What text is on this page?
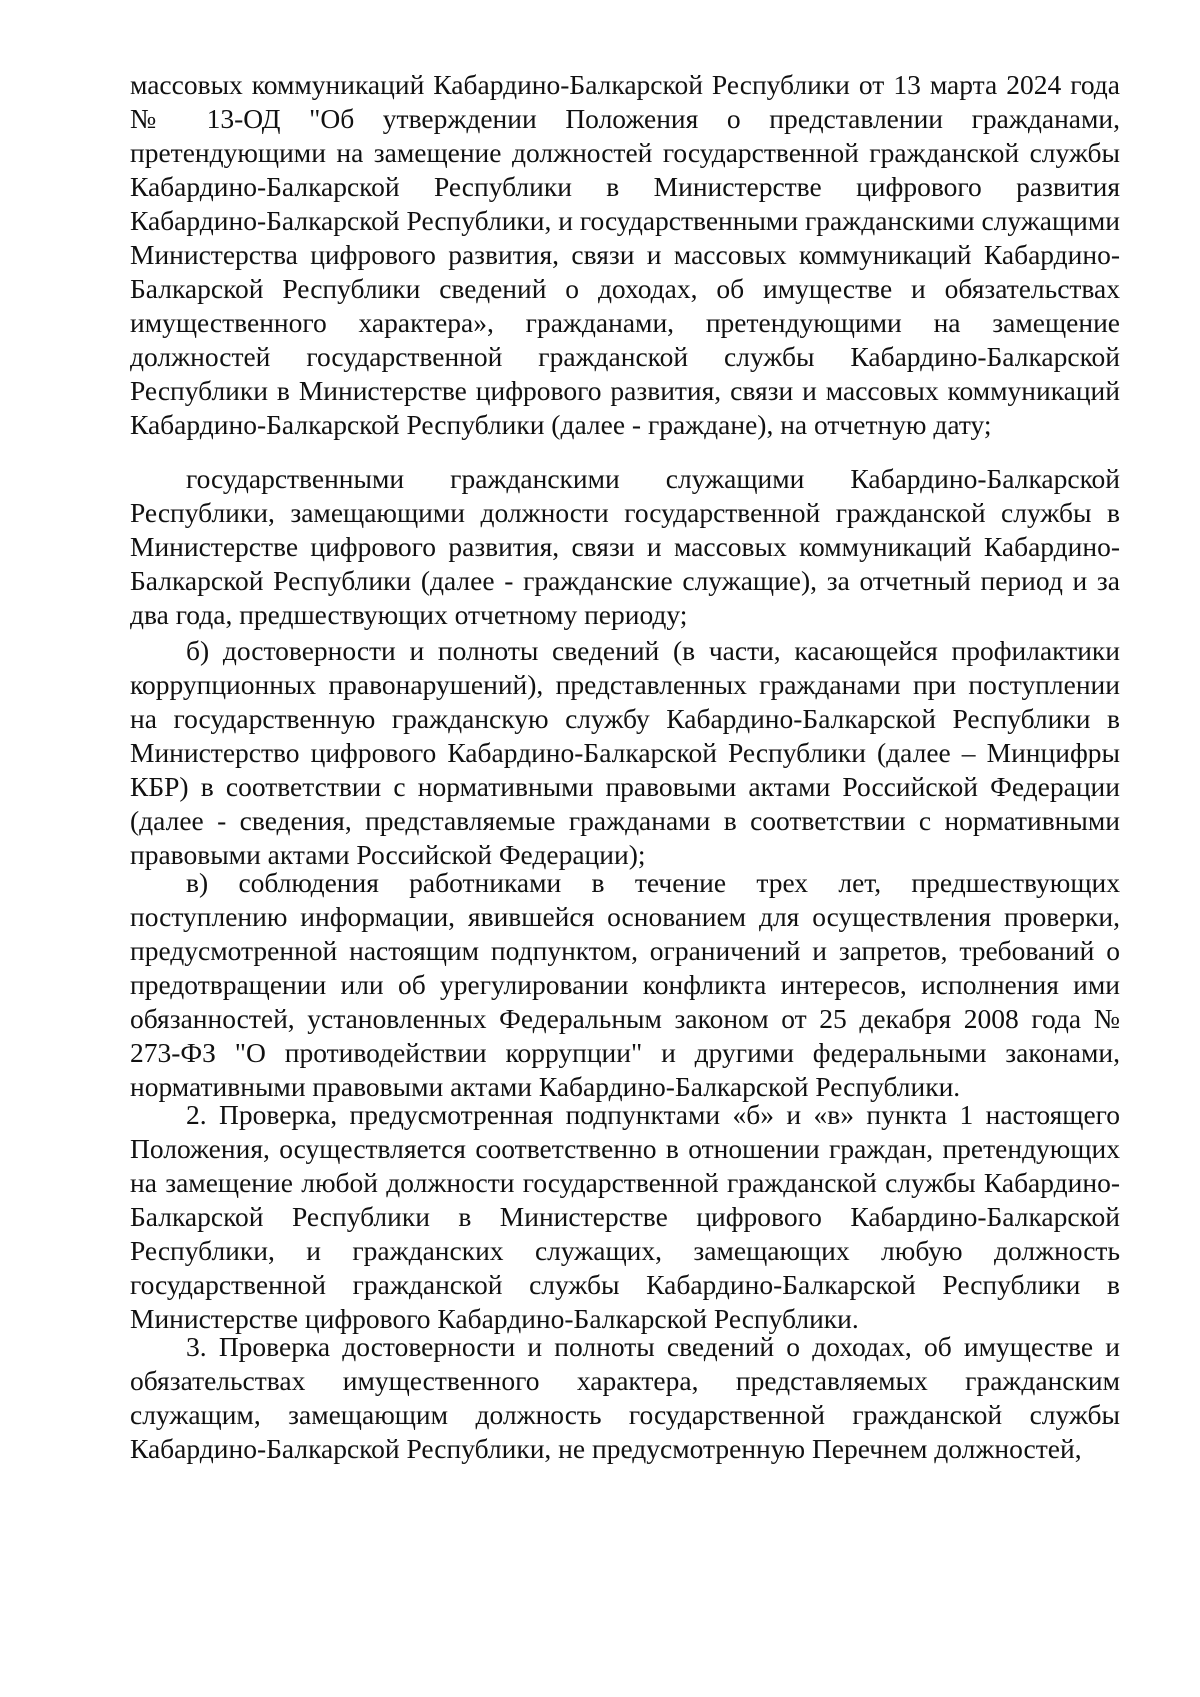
массовых коммуникаций Кабардино-Балкарской Республики от 13 марта 2024 года № 13-ОД "Об утверждении Положения о представлении гражданами, претендующими на замещение должностей государственной гражданской службы Кабардино-Балкарской Республики в Министерстве цифрового развития Кабардино-Балкарской Республики, и государственными гражданскими служащими Министерства цифрового развития, связи и массовых коммуникаций Кабардино-Балкарской Республики сведений о доходах, об имуществе и обязательствах имущественного характера», гражданами, претендующими на замещение должностей государственной гражданской службы Кабардино-Балкарской Республики в Министерстве цифрового развития, связи и массовых коммуникаций Кабардино-Балкарской Республики (далее - граждане), на отчетную дату;

государственными гражданскими служащими Кабардино-Балкарской Республики, замещающими должности государственной гражданской службы в Министерстве цифрового развития, связи и массовых коммуникаций Кабардино-Балкарской Республики (далее - гражданские служащие), за отчетный период и за два года, предшествующих отчетному периоду;

б) достоверности и полноты сведений (в части, касающейся профилактики коррупционных правонарушений), представленных гражданами при поступлении на государственную гражданскую службу Кабардино-Балкарской Республики в Министерство цифрового Кабардино-Балкарской Республики (далее – Минцифры КБР) в соответствии с нормативными правовыми актами Российской Федерации (далее - сведения, представляемые гражданами в соответствии с нормативными правовыми актами Российской Федерации);

в) соблюдения работниками в течение трех лет, предшествующих поступлению информации, явившейся основанием для осуществления проверки, предусмотренной настоящим подпунктом, ограничений и запретов, требований о предотвращении или об урегулировании конфликта интересов, исполнения ими обязанностей, установленных Федеральным законом от 25 декабря 2008 года № 273-ФЗ "О противодействии коррупции" и другими федеральными законами, нормативными правовыми актами Кабардино-Балкарской Республики.

2. Проверка, предусмотренная подпунктами «б» и «в» пункта 1 настоящего Положения, осуществляется соответственно в отношении граждан, претендующих на замещение любой должности государственной гражданской службы Кабардино-Балкарской Республики в Министерстве цифрового Кабардино-Балкарской Республики, и гражданских служащих, замещающих любую должность государственной гражданской службы Кабардино-Балкарской Республики в Министерстве цифрового Кабардино-Балкарской Республики.

3. Проверка достоверности и полноты сведений о доходах, об имуществе и обязательствах имущественного характера, представляемых гражданским служащим, замещающим должность государственной гражданской службы Кабардино-Балкарской Республики, не предусмотренную Перечнем должностей,
